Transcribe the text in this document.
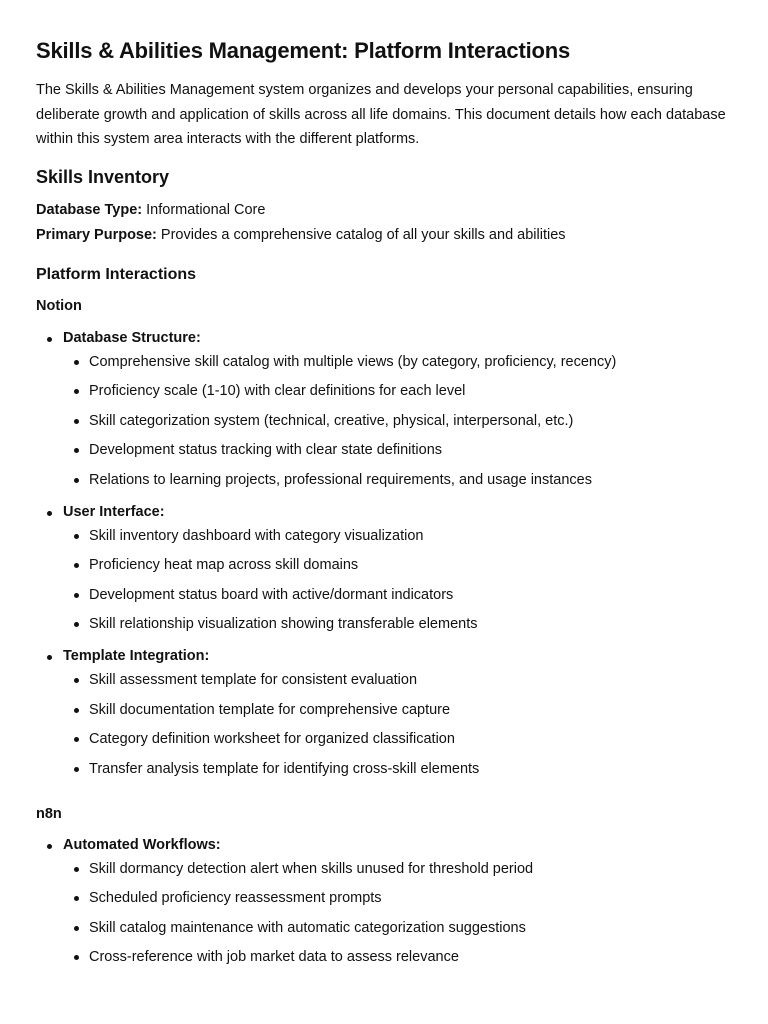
Skills & Abilities Management: Platform Interactions

The Skills & Abilities Management system organizes and develops your personal capabilities, ensuring deliberate growth and application of skills across all life domains. This document details how each database within this system area interacts with the different platforms.

Skills Inventory

Database Type: Informational Core

Primary Purpose: Provides a comprehensive catalog of all your skills and abilities

Platform Interactions
Notion
Database Structure:
Comprehensive skill catalog with multiple views (by category, proficiency, recency)
Proficiency scale (1-10) with clear definitions for each level
Skill categorization system (technical, creative, physical, interpersonal, etc.)
Development status tracking with clear state definitions
Relations to learning projects, professional requirements, and usage instances
User Interface:
Skill inventory dashboard with category visualization
Proficiency heat map across skill domains
Development status board with active/dormant indicators
Skill relationship visualization showing transferable elements
Template Integration:
Skill assessment template for consistent evaluation
Skill documentation template for comprehensive capture
Category definition worksheet for organized classification
Transfer analysis template for identifying cross-skill elements
n8n
Automated Workflows:
Skill dormancy detection alert when skills unused for threshold period
Scheduled proficiency reassessment prompts
Skill catalog maintenance with automatic categorization suggestions
Cross-reference with job market data to assess relevance
